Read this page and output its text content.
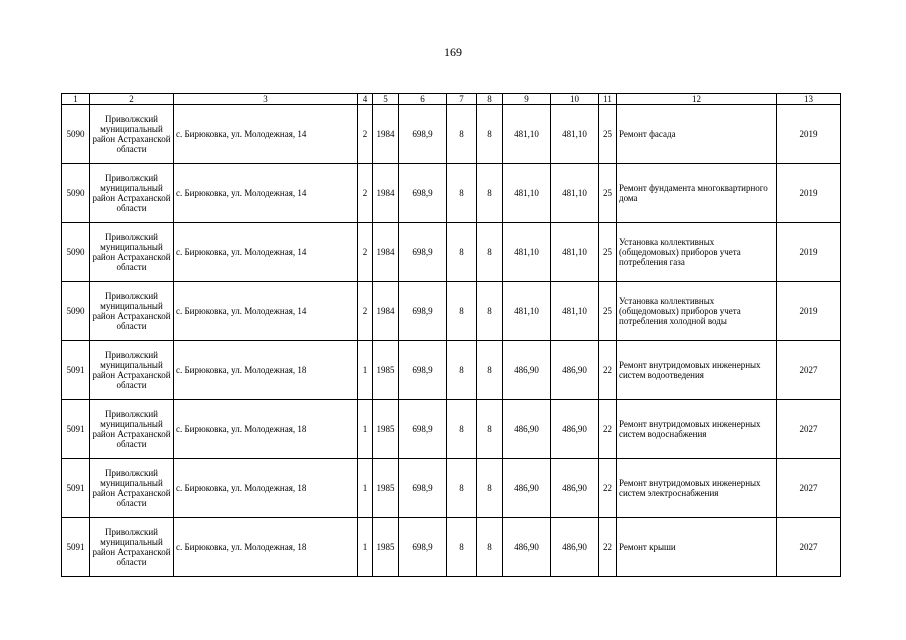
169
1	2	3	4	5	6	7	8	9	10	11	12	13
5090	Приволжский муниципальный район Астраханской области	с. Бирюковка, ул. Молодежная, 14	2	1984	698,9	8	8	481,10	481,10	25	Ремонт фасада	2019
5090	Приволжский муниципальный район Астраханской области	с. Бирюковка, ул. Молодежная, 14	2	1984	698,9	8	8	481,10	481,10	25	Ремонт фундамента многоквартирного дома	2019
5090	Приволжский муниципальный район Астраханской области	с. Бирюковка, ул. Молодежная, 14	2	1984	698,9	8	8	481,10	481,10	25	Установка коллективных (общедомовых) приборов учета потребления газа	2019
5090	Приволжский муниципальный район Астраханской области	с. Бирюковка, ул. Молодежная, 14	2	1984	698,9	8	8	481,10	481,10	25	Установка коллективных (общедомовых) приборов учета потребления холодной воды	2019
5091	Приволжский муниципальный район Астраханской области	с. Бирюковка, ул. Молодежная, 18	1	1985	698,9	8	8	486,90	486,90	22	Ремонт внутридомовых инженерных систем водоотведения	2027
5091	Приволжский муниципальный район Астраханской области	с. Бирюковка, ул. Молодежная, 18	1	1985	698,9	8	8	486,90	486,90	22	Ремонт внутридомовых инженерных систем водоснабжения	2027
5091	Приволжский муниципальный район Астраханской области	с. Бирюковка, ул. Молодежная, 18	1	1985	698,9	8	8	486,90	486,90	22	Ремонт внутридомовых инженерных систем электроснабжения	2027
5091	Приволжский муниципальный район Астраханской области	с. Бирюковка, ул. Молодежная, 18	1	1985	698,9	8	8	486,90	486,90	22	Ремонт крыши	2027
